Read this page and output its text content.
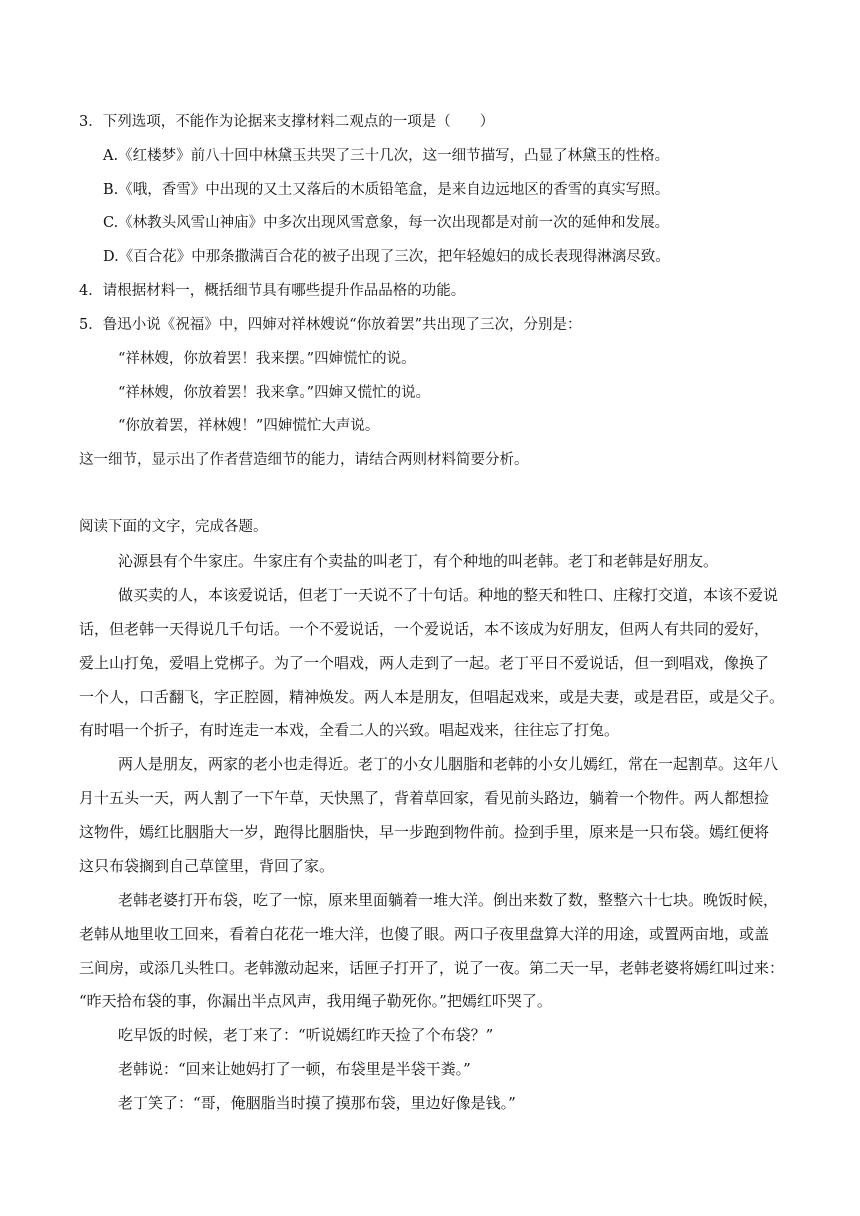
3．下列选项，不能作为论据来支撑材料二观点的一项是（　　）
A.《红楼梦》前八十回中林黛玉共哭了三十几次，这一细节描写，凸显了林黛玉的性格。
B.《哦，香雪》中出现的又土又落后的木质铅笔盒，是来自边远地区的香雪的真实写照。
C.《林教头风雪山神庙》中多次出现风雪意象，每一次出现都是对前一次的延伸和发展。
D.《百合花》中那条撒满百合花的被子出现了三次，把年轻媳妇的成长表现得淋漓尽致。
4．请根据材料一，概括细节具有哪些提升作品品格的功能。
5．鲁迅小说《祝福》中，四婶对祥林嫂说“你放着罢”共出现了三次，分别是：
“祥林嫂，你放着罢！我来摆。”四婶慌忙的说。
“祥林嫂，你放着罢！我来拿。”四婶又慌忙的说。
“你放着罢，祥林嫂！”四婶慌忙大声说。
这一细节，显示出了作者营造细节的能力，请结合两则材料简要分析。
阅读下面的文字，完成各题。
沁源县有个牛家庄。牛家庄有个卖盐的叫老丁，有个种地的叫老韩。老丁和老韩是好朋友。
做买卖的人，本该爱说话，但老丁一天说不了十句话。种地的整天和牲口、庄稼打交道，本该不爱说
话，但老韩一天得说几千句话。一个不爱说话，一个爱说话，本不该成为好朋友，但两人有共同的爱好，
爱上山打兔，爱唱上党梆子。为了一个唱戏，两人走到了一起。老丁平日不爱说话，但一到唱戏，像换了
一个人，口舌翻飞，字正腔圆，精神焕发。两人本是朋友，但唱起戏来，或是夫妻，或是君臣，或是父子。
有时唱一个折子，有时连走一本戏，全看二人的兴致。唱起戏来，往往忘了打兔。
两人是朋友，两家的老小也走得近。老丁的小女儿胭脂和老韩的小女儿嫣红，常在一起割草。这年八
月十五头一天，两人割了一下午草，天快黑了，背着草回家，看见前头路边，躺着一个物件。两人都想捡
这物件，嫣红比胭脂大一岁，跑得比胭脂快，早一步跑到物件前。捡到手里，原来是一只布袋。嫣红便将
这只布袋搁到自己草筐里，背回了家。
老韩老婆打开布袋，吃了一惊，原来里面躺着一堆大洋。倒出来数了数，整整六十七块。晚饭时候，
老韩从地里收工回来，看着白花花一堆大洋，也傻了眼。两口子夜里盘算大洋的用途，或置两亩地，或盖
三间房，或添几头牲口。老韩激动起来，话匣子打开了，说了一夜。第二天一早，老韩老婆将嫣红叫过来：
“昨天拾布袋的事，你漏出半点风声，我用绳子勒死你。”把嫣红吓哭了。
吃早饭的时候，老丁来了：“听说嫣红昨天捡了个布袋？”
老韩说：“回来让她妈打了一顿，布袋里是半袋干粪。”
老丁笑了：“哥，俺胭脂当时摸了摸那布袋，里边好像是钱。”
